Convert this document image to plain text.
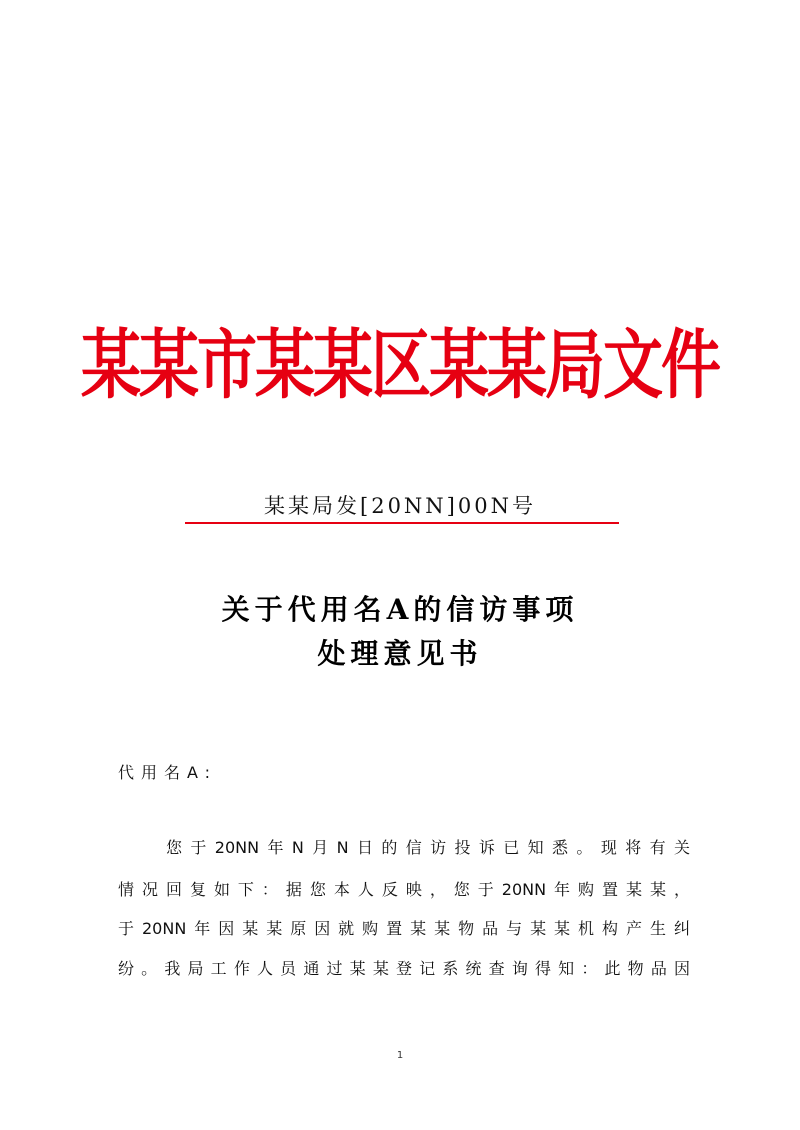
某某市某某区某某局文件
某某局发[20NN]00N号
关于代用名A的信访事项
处理意见书
代用名A:
您于20NN年N月N日的信访投诉已知悉。现将有关
情况回复如下：据您本人反映，您于20NN年购置某某，
于20NN年因某某原因就购置某某物品与某某机构产生纠
纷。我局工作人员通过某某登记系统查询得知：此物品因
1
